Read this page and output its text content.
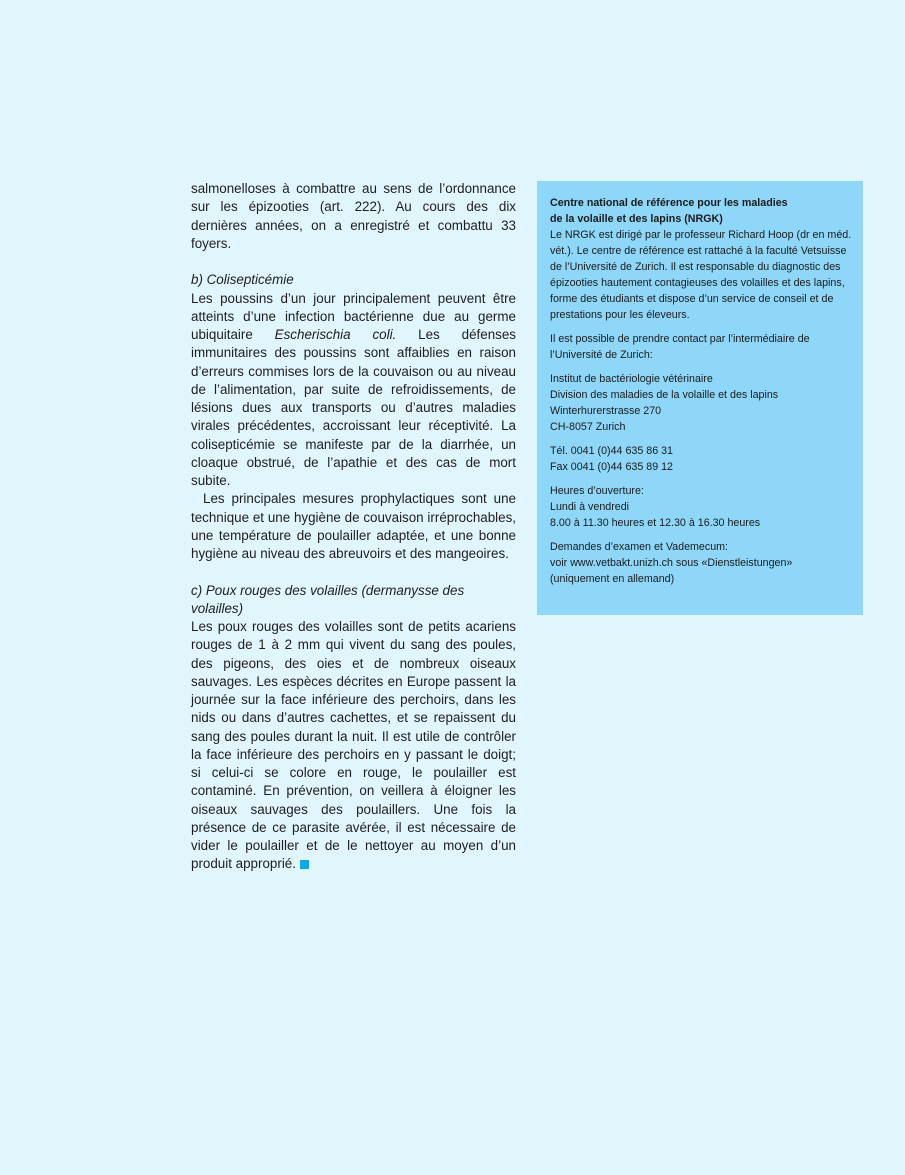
salmonelloses à combattre au sens de l’ordonnance sur les épizooties (art. 222). Au cours des dix dernières années, on a enregistré et combattu 33 foyers.

b) Colisepticémie

Les poussins d’un jour principalement peuvent être atteints d’une infection bactérienne due au germe ubiquitaire Escherischia coli. Les défenses immunitaires des poussins sont affaiblies en raison d’erreurs commises lors de la couvaison ou au niveau de l’alimentation, par suite de refroidissements, de lésions dues aux transports ou d’autres maladies virales précédentes, accroissant leur réceptivité. La colisepticémie se manifeste par de la diarrhée, un cloaque obstrué, de l’apathie et des cas de mort subite.

Les principales mesures prophylactiques sont une technique et une hygiène de couvaison irréprochables, une température de poulailler adaptée, et une bonne hygiène au niveau des abreuvoirs et des mangeoires.

c) Poux rouges des volailles (dermanysse des volailles)

Les poux rouges des volailles sont de petits acariens rouges de 1 à 2 mm qui vivent du sang des poules, des pigeons, des oies et de nombreux oiseaux sauvages. Les espèces décrites en Europe passent la journée sur la face inférieure des perchoirs, dans les nids ou dans d’autres cachettes, et se repaissent du sang des poules durant la nuit. Il est utile de contrôler la face inférieure des perchoirs en y passant le doigt; si celui-ci se colore en rouge, le poulailler est contaminé. En prévention, on veillera à éloigner les oiseaux sauvages des poulaillers. Une fois la présence de ce parasite avérée, il est nécessaire de vider le poulailler et de le nettoyer au moyen d’un produit approprié.

Centre national de référence pour les maladies
de la volaille et des lapins (NRGK)

Le NRGK est dirigé par le professeur Richard Hoop (dr en méd. vét.). Le centre de référence est rattaché à la faculté Vetsuisse de l’Université de Zurich. Il est responsable du diagnostic des épizooties hautement contagieuses des volailles et des lapins, forme des étudiants et dispose d’un service de conseil et de prestations pour les éleveurs.

Il est possible de prendre contact par l’intermédiaire de l’Université de Zurich:

Institut de bactériologie vétérinaire
Division des maladies de la volaille et des lapins
Winterhurerstrasse 270
CH-8057 Zurich
Tél. 0041 (0)44 635 86 31
Fax 0041 (0)44 635 89 12
Heures d’ouverture:
Lundi à vendredi
8.00 à 11.30 heures et 12.30 à 16.30 heures
Demandes d’examen et Vademecum:
voir www.vetbakt.unizh.ch sous «Dienstleistungen»
(uniquement en allemand)
